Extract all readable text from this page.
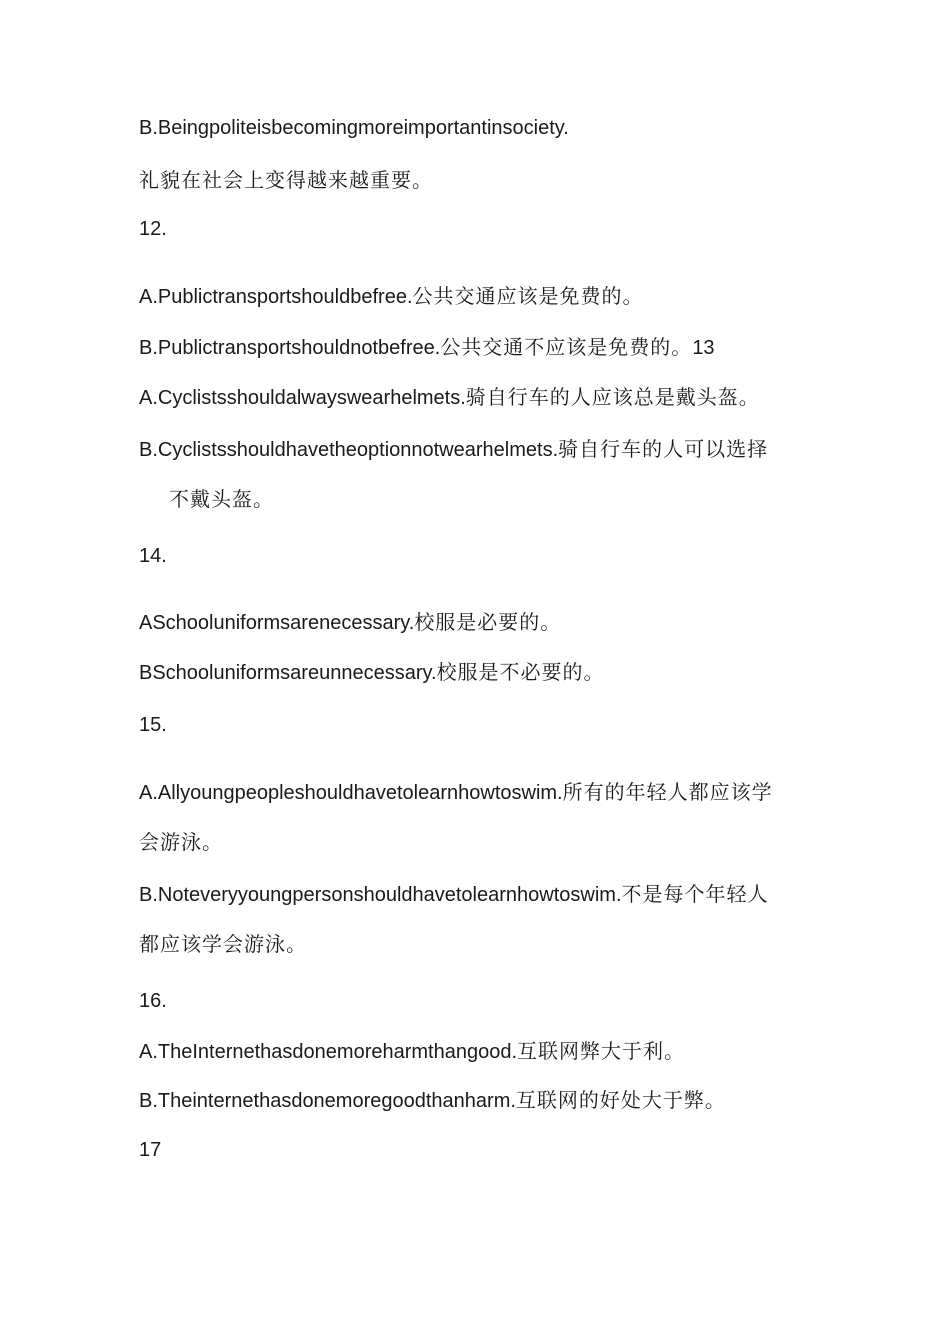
B.Beingpoliteisbecomingmoreimportantinsociety.
礼貌在社会上变得越来越重要。
12.
A.Publictransportshouldbefree.公共交通应该是免费的。
B.Publictransportshouldnotbefree.公共交通不应该是免费的。13
A.Cyclistsshouldalwayswearhelmets.骑自行车的人应该总是戴头盔。
B.Cyclistsshouldhavetheoptionnotwearhelmets.骑自行车的人可以选择
不戴头盔。
14.
ASchooluniformsarenecessary.校服是必要的。
BSchooluniformsareunnecessary.校服是不必要的。
15.
A.Allyoungpeopleshouldhavetolearnhowtoswim.所有的年轻人都应该学
会游泳。
B.Noteveryyoungpersonshouldhavetolearnhowtoswim.不是每个年轻人
都应该学会游泳。
16.
A.TheInternethasdonemoreharmthangood.互联网弊大于利。
B.Theinternethasdonemoregoodthanharm.互联网的好处大于弊。
17
